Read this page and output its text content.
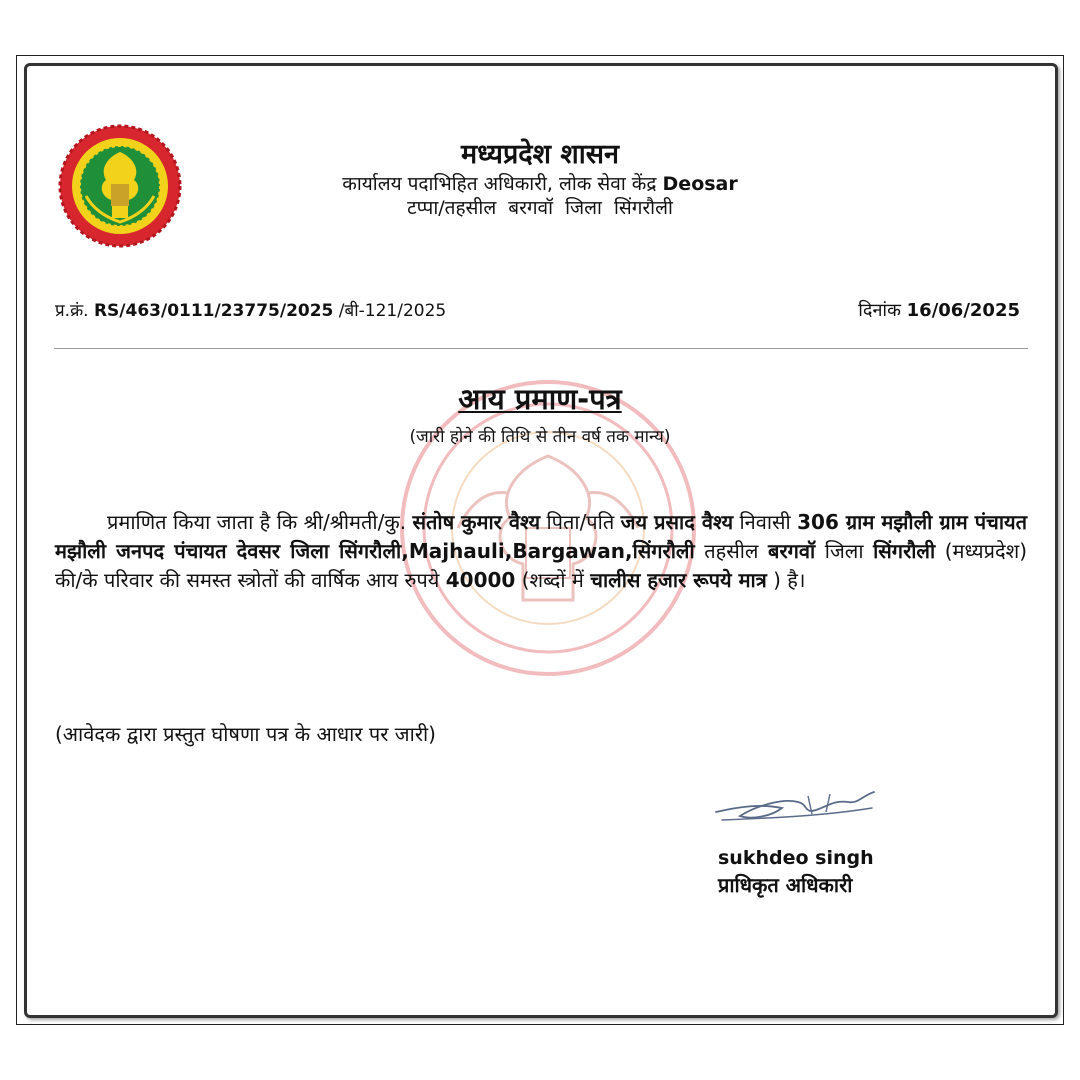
मध्यप्रदेश शासन
कार्यालय पदाभिहित अधिकारी, लोक सेवा केंद्र Deosar
टप्पा/तहसील बरगवॉ जिला सिंगरौली
प्र.क्रं. RS/463/0111/23775/2025 /बी-121/2025	दिनांक 16/06/2025
आय प्रमाण-पत्र
(जारी होने की तिथि से तीन वर्ष तक मान्य)
प्रमाणित किया जाता है कि श्री/श्रीमती/कु. संतोष कुमार वैश्य पिता/पति जय प्रसाद वैश्य निवासी 306 ग्राम मझौली ग्राम पंचायत मझौली जनपद पंचायत देवसर जिला सिंगरौली,Majhauli,Bargawan,सिंगरौली तहसील बरगवॉ जिला सिंगरौली (मध्यप्रदेश) की/के परिवार की समस्त स्त्रोतों की वार्षिक आय रुपये 40000 (शब्दों में चालीस हजार रूपये मात्र ) है।
(आवेदक द्वारा प्रस्तुत घोषणा पत्र के आधार पर जारी)
sukhdeo singh
प्राधिकृत अधिकारी
